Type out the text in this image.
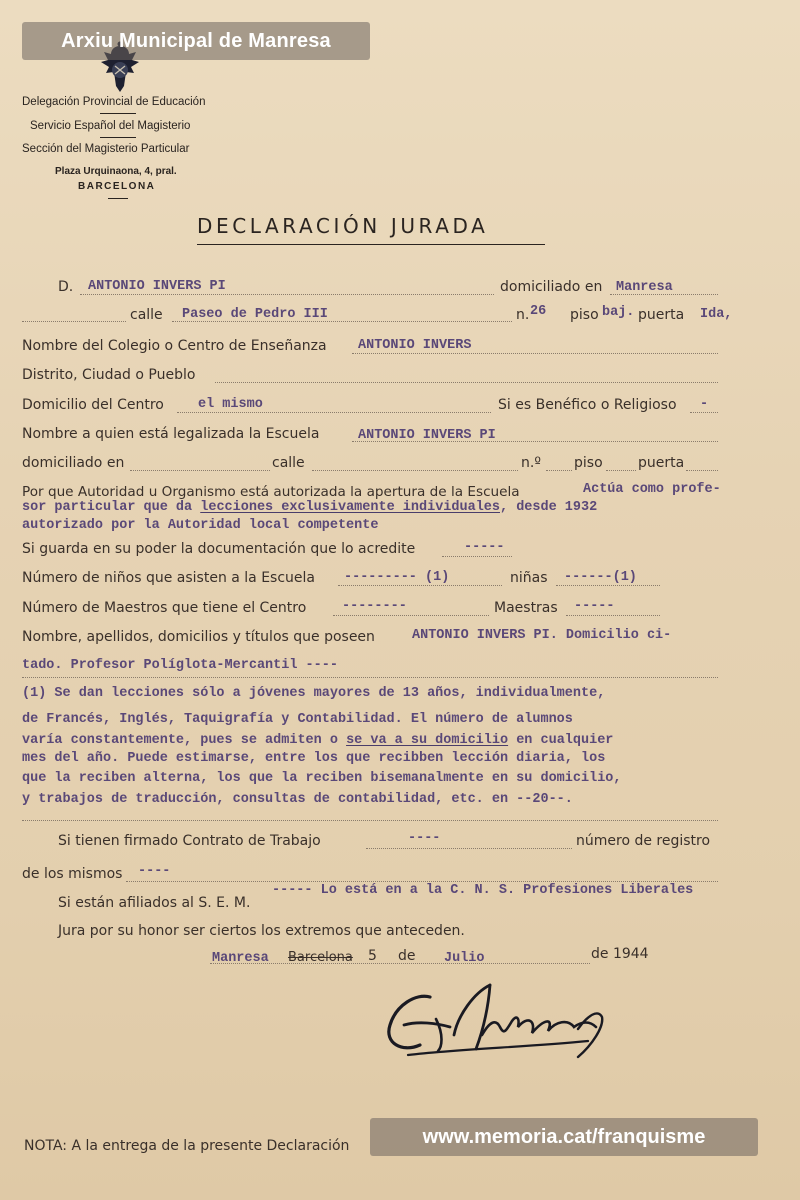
Arxiu Municipal de Manresa
Delegación Provincial de Educación
Servicio Español del Magisterio
Sección del Magisterio Particular
Plaza Urquinaona, 4, pral.
BARCELONA
DECLARACIÓN JURADA
D. ANTONIO INVERS PI	domiciliado en Manresa
calle Paseo de Pedro III	n. 26 piso baj. puerta Ida,
Nombre del Colegio o Centro de Enseñanza ANTONIO INVERS
Distrito, Ciudad o Pueblo
Domicilio del Centro	el mismo	Si es Benéfico o Religioso -
Nombre a quien está legalizada la Escuela	ANTONIO INVERS PI
domiciliado en	calle	n.º piso	puerta
Por que Autoridad u Organismo está autorizada la apertura de la Escuela	Actúa como profe-
sor particular que da lecciones exclusivamente individuales, desde 1932
autorizado por la Autoridad local competente
Si guarda en su poder la documentación que lo acredite	-----
Número de niños que asisten a la Escuela --------- (1)	niñas ------(1)
Número de Maestros que tiene el Centro	--------	Maestras -----
Nombre, apellidos, domicilios y títulos que poseen	ANTONIO INVERS PI. Domicilio ci-
tado. Profesor Políglota-Mercantil ----
(1) Se dan lecciones sólo a jóvenes mayores de 13 años, individualmente,
de Francés, Inglés, Taquigrafía y Contabilidad. El número de alumnos
varía constantemente, pues se admiten o se va a su domicilio en cualquier
mes del año. Puede estimarse, entre los que recibben lección diaria, los
que la reciben alterna, los que la reciben bisemanalmente en su domicilio,
y trabajos de traducción, consultas de contabilidad, etc. en --20--.
Si tienen firmado Contrato de Trabajo	----	número de registro
de los mismos ----
Si están afiliados al S. E. M.
----- Lo está en a la C. N. S. Profesiones Liberales
Jura por su honor ser ciertos los extremos que anteceden.
Manresa Barcelona 5 de Julio	de 1944
NOTA: A la entrega de la presente Declaración	www.memoria.cat/franquisme
